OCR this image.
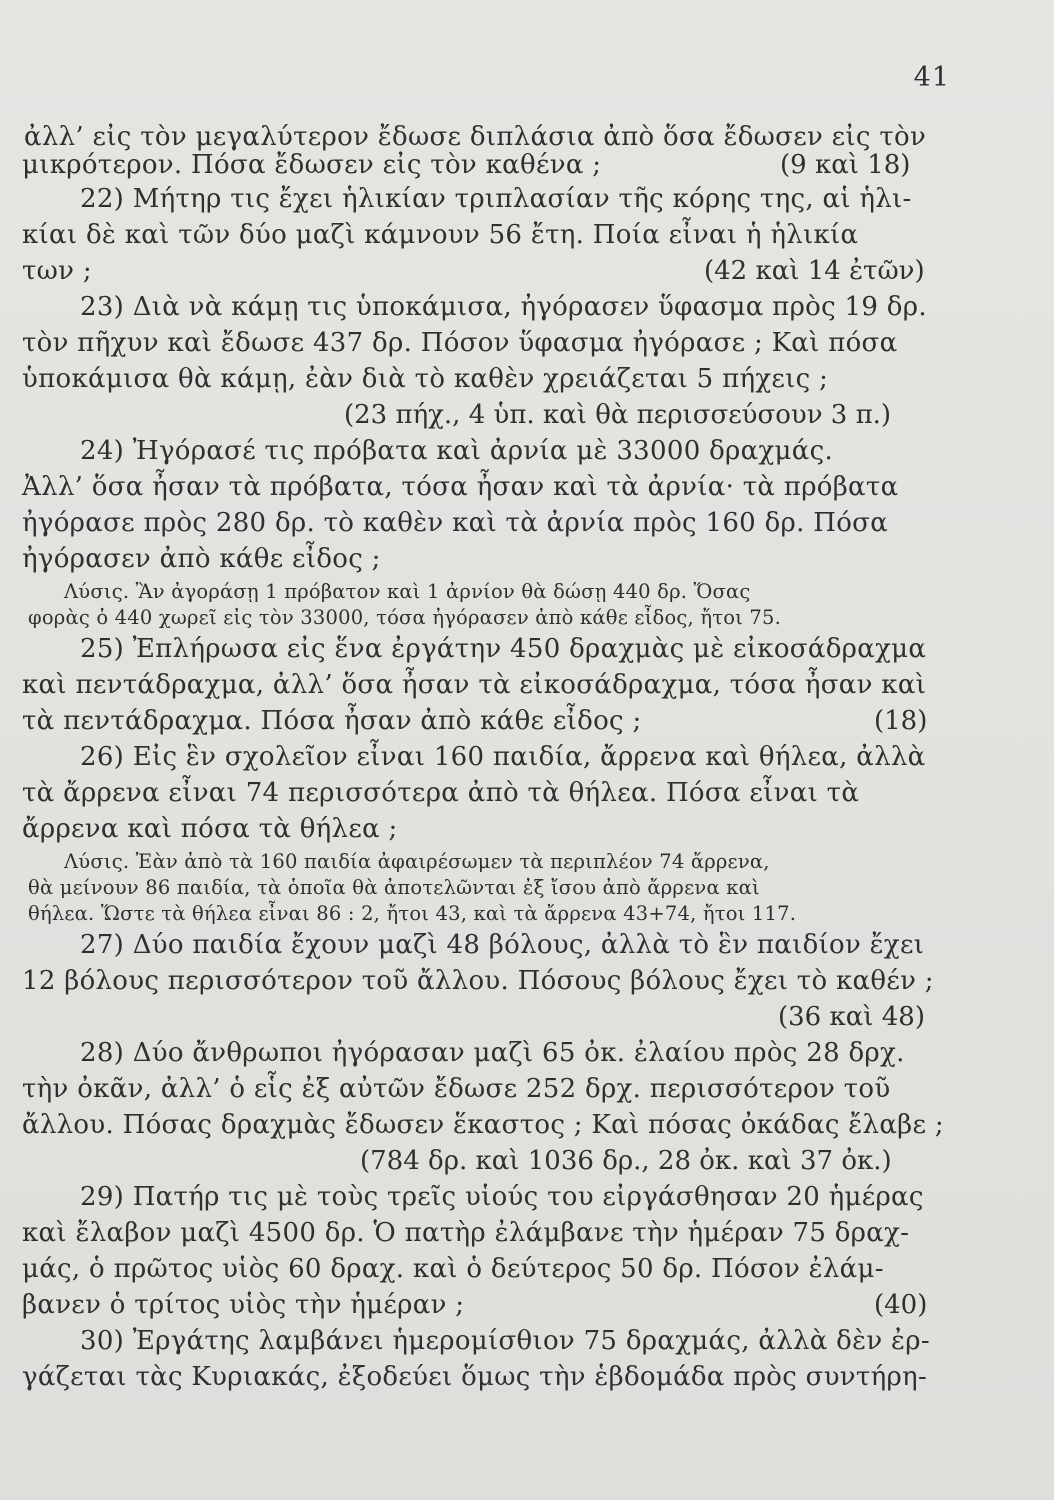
41
ἀλλ’ εἰς τὸν μεγαλύτερον ἔδωσε διπλάσια ἀπὸ ὅσα ἔδωσεν εἰς τὸν
μικρότερον. Πόσα ἔδωσεν εἰς τὸν καθένα ;	(9 καὶ 18)
22) Μήτηρ τις ἔχει ἡλικίαν τριπλασίαν τῆς κόρης της, αἱ ἡλι-
κίαι δὲ καὶ τῶν δύο μαζὶ κάμνουν 56 ἔτη. Ποία εἶναι ἡ ἡλικία
των ;	(42 καὶ 14 ἐτῶν)
23) Διὰ νὰ κάμῃ τις ὑποκάμισα, ἠγόρασεν ὕφασμα πρὸς 19 δρ.
τὸν πῆχυν καὶ ἔδωσε 437 δρ. Πόσον ὕφασμα ἠγόρασε ; Καὶ πόσα
ὑποκάμισα θὰ κάμῃ, ἐὰν διὰ τὸ καθὲν χρειάζεται 5 πήχεις ;
(23 πήχ., 4 ὑπ. καὶ θὰ περισσεύσουν 3 π.)
24) Ἠγόρασέ τις πρόβατα καὶ ἀρνία μὲ 33000 δραχμάς.
Ἀλλ’ ὅσα ἦσαν τὰ πρόβατα, τόσα ἦσαν καὶ τὰ ἀρνία· τὰ πρόβατα
ἠγόρασε πρὸς 280 δρ. τὸ καθὲν καὶ τὰ ἀρνία πρὸς 160 δρ. Πόσα
ἠγόρασεν ἀπὸ κάθε εἶδος ;
Λύσις. Ἂν ἀγοράσῃ 1 πρόβατον καὶ 1 ἀρνίον θὰ δώσῃ 440 δρ. Ὅσας
φορὰς ὁ 440 χωρεῖ εἰς τὸν 33000, τόσα ἠγόρασεν ἀπὸ κάθε εἶδος, ἤτοι 75.
25) Ἐπλήρωσα εἰς ἕνα ἐργάτην 450 δραχμὰς μὲ εἰκοσάδραχμα
καὶ πεντάδραχμα, ἀλλ’ ὅσα ἦσαν τὰ εἰκοσάδραχμα, τόσα ἦσαν καὶ
τὰ πεντάδραχμα. Πόσα ἦσαν ἀπὸ κάθε εἶδος ;	(18)
26) Εἰς ἓν σχολεῖον εἶναι 160 παιδία, ἄρρενα καὶ θήλεα, ἀλλὰ
τὰ ἄρρενα εἶναι 74 περισσότερα ἀπὸ τὰ θήλεα. Πόσα εἶναι τὰ
ἄρρενα καὶ πόσα τὰ θήλεα ;
Λύσις. Ἐὰν ἀπὸ τὰ 160 παιδία ἀφαιρέσωμεν τὰ περιπλέον 74 ἄρρενα,
θὰ μείνουν 86 παιδία, τὰ ὁποῖα θὰ ἀποτελῶνται ἐξ ἴσου ἀπὸ ἄρρενα καὶ
θήλεα. Ὥστε τὰ θήλεα εἶναι 86 : 2, ἤτοι 43, καὶ τὰ ἄρρενα 43+74, ἤτοι 117.
27) Δύο παιδία ἔχουν μαζὶ 48 βόλους, ἀλλὰ τὸ ἓν παιδίον ἔχει
12 βόλους περισσότερον τοῦ ἄλλου. Πόσους βόλους ἔχει τὸ καθέν ;
(36 καὶ 48)
28) Δύο ἄνθρωποι ἠγόρασαν μαζὶ 65 ὀκ. ἐλαίου πρὸς 28 δρχ.
τὴν ὀκᾶν, ἀλλ’ ὁ εἷς ἐξ αὐτῶν ἔδωσε 252 δρχ. περισσότερον τοῦ
ἄλλου. Πόσας δραχμὰς ἔδωσεν ἕκαστος ; Καὶ πόσας ὀκάδας ἔλαβε ;
(784 δρ. καὶ 1036 δρ., 28 ὀκ. καὶ 37 ὀκ.)
29) Πατήρ τις μὲ τοὺς τρεῖς υἱούς του εἰργάσθησαν 20 ἡμέρας
καὶ ἔλαβον μαζὶ 4500 δρ. Ὁ πατὴρ ἐλάμβανε τὴν ἡμέραν 75 δραχ-
μάς, ὁ πρῶτος υἱὸς 60 δραχ. καὶ ὁ δεύτερος 50 δρ. Πόσον ἐλάμ-
βανεν ὁ τρίτος υἱὸς τὴν ἡμέραν ;	(40)
30) Ἐργάτης λαμβάνει ἡμερομίσθιον 75 δραχμάς, ἀλλὰ δὲν ἐρ-
γάζεται τὰς Κυριακάς, ἐξοδεύει ὅμως τὴν ἑβδομάδα πρὸς συντήρη-
